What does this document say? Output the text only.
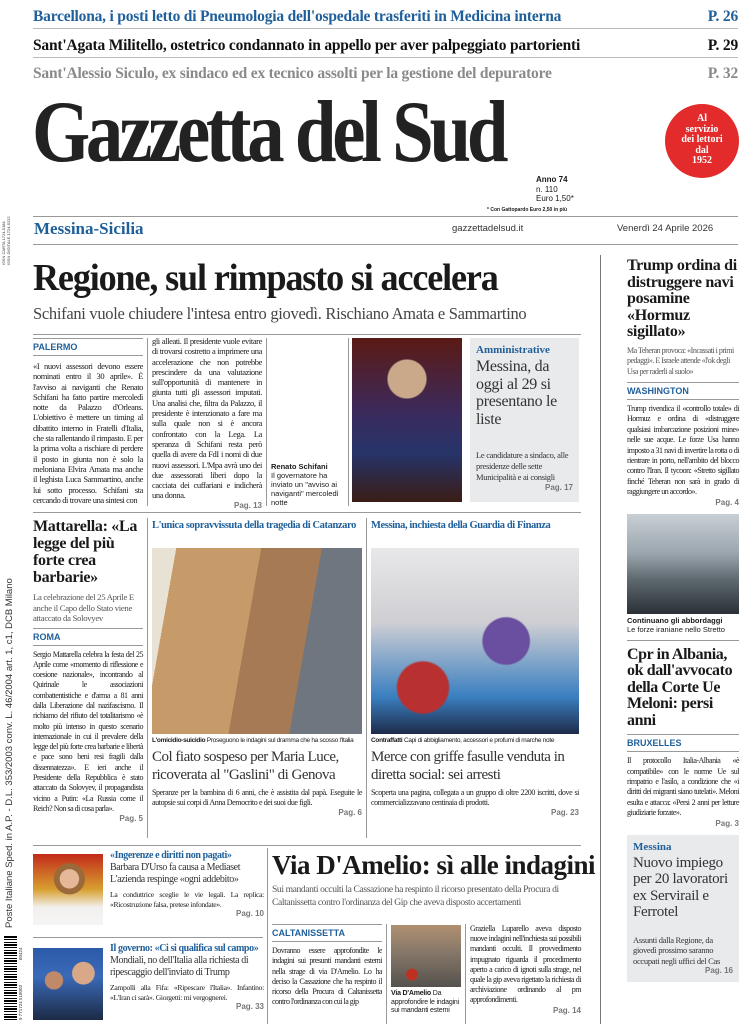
Barcellona, i posti letto di Pneumologia dell'ospedale trasferiti in Medicina interna	P. 26
Sant'Agata Militello, ostetrico condannato in appello per aver palpeggiato partorienti	P. 29
Sant'Alessio Siculo, ex sindaco ed ex tecnico assolti per la gestione del depuratore	P. 32
Gazzetta del Sud	Al
servizio
dei lettori
dal
1952
Anno 74
n. 110
Euro 1,50*
* Con Gattopardo Euro 2,50 in più
Messina-Sicilia	gazzettadelsud.it	Venerdì 24 Aprile 2026
ISSN CARTA 1724-5184 ISSN DIGITALE 1724-5222
Poste Italiane Sped. in A.P. - D.L. 353/2003 conv. L. 46/2004 art. 1, c1, DCB Milano
9 771724 518003
60424
Regione, sul rimpasto si accelera
Schifani vuole chiudere l'intesa entro giovedì. Rischiano Amata e Sammartino
PALERMO
«I nuovi assessori devono essere nominati entro il 30 aprile». È l'avviso ai naviganti che Renato Schifani ha fatto partire mercoledì notte da Palazzo d'Orleans. L'obiettivo è mettere un timing al dibattito interno in Fratelli d'Italia, che sta rallentando il rimpasto. E per la prima volta a rischiare di perdere il posto in giunta non è solo la meloniana Elvira Amata ma anche il leghista Luca Sammartino, anche lui sotto processo. Schifani sta cercando di trovare una sintesi con
gli alleati. Il presidente vuole evitare di trovarsi costretto a imprimere una accelerazione che non potrebbe prescindere da una valutazione sull'opportunità di mantenere in giunta tutti gli assessori imputati. Una analisi che, filtra da Palazzo, il presidente è intenzionato a fare ma sulla quale non si è ancora confrontato con la Lega. La speranza di Schifani resta però quella di avere da FdI i nomi di due nuovi assessori. L'Mpa avrà uno dei due assessorati liberi dopo la cacciata dei cuffariani e indicherà una donna.
Pag. 13
Renato Schifani
Il governatore ha inviato un "avviso ai naviganti" mercoledì notte
Amministrative
Messina, da oggi al 29 si presentano le liste
Le candidature a sindaco, alle presidenze delle sette Municipalità e ai consigli
Pag. 17
Trump ordina di distruggere navi posamine «Hormuz sigillato»
Ma Teheran provoca: «Incassati i primi pedaggi». E Israele attende «l'ok degli Usa per raderli al suolo»
WASHINGTON
Trump rivendica il «controllo totale» di Hormuz e ordina di «distruggere qualsiasi imbarcazione posizioni mine» nelle sue acque. Le forze Usa hanno imposto a 31 navi di invertire la rotta o di rientrare in porto, nell'ambito del blocco contro l'Iran. Il tycoon: «Stretto sigillato finché Teheran non sarà in grado di raggiungere un accordo».
Pag. 4
Continuano gli abbordaggi
Le forze iraniane nello Stretto
Cpr in Albania, ok dall'avvocato della Corte Ue Meloni: persi anni
BRUXELLES
Il protocollo Italia-Albania «è compatibile» con le norme Ue sul rimpatrio e l'asilo, a condizione che «i diritti dei migranti siano tutelati». Meloni esulta e attacca: «Persi 2 anni per letture giudiziarie forzate».
Pag. 3
Messina
Nuovo impiego per 20 lavoratori ex Servirail e Ferrotel
Assunti dalla Regione, da giovedì prossimo saranno occupati negli uffici del Cas
Pag. 16
Mattarella: «La legge del più forte crea barbarie»
La celebrazione del 25 Aprile E anche il Capo dello Stato viene attaccato da Solovyev
ROMA
Sergio Mattarella celebra la festa del 25 Aprile come «momento di riflessione e coesione nazionale», incontrando al Quirinale le associazioni combattentistiche e d'arma a 81 anni dalla Liberazione dal nazifascismo. Il richiamo del rifiuto del totalitarismo «è molto più intenso in questo scenario internazionale in cui il prevalere della legge del più forte crea barbarie e libertà e pace sono beni resi fragili dalla dissennatezza». E ieri anche il Presidente della Repubblica è stato attaccato da Solovyev, il propagandista vicino a Putin: «La Russia come il Reich? Non sa di cosa parla».
Pag. 5
L'unica sopravvissuta della tragedia di Catanzaro
L'omicidio-suicidio Proseguono le indagini sul dramma che ha scosso l'Italia
Col fiato sospeso per Maria Luce, ricoverata al "Gaslini" di Genova
Speranze per la bambina di 6 anni, che è assistita dal papà. Eseguite le autopsie sui corpi di Anna Democrito e dei suoi due figli.
Pag. 6
Messina, inchiesta della Guardia di Finanza
Contraffatti Capi di abbigliamento, accessori e profumi di marche note
Merce con griffe fasulle venduta in diretta social: sei arresti
Scoperta una pagina, collegata a un gruppo di oltre 2200 iscritti, dove si commercializzavano centinaia di prodotti.
Pag. 23
«Ingerenze e diritti non pagati»
Barbara D'Urso fa causa a Mediaset L'azienda respinge «ogni addebito»
La conduttrice sceglie le vie legali. La replica: «Ricostruzione falsa, pretese infondate».
Pag. 10
Il governo: «Ci si qualifica sul campo»
Mondiali, no dell'Italia alla richiesta di ripescaggio dell'inviato di Trump
Zampolli alla Fifa: «Ripescare l'Italia». Infantino: «L'Iran ci sarà». Giorgetti: mi vergognerei.
Pag. 33
Via D'Amelio: sì alle indagini
Sui mandanti occulti la Cassazione ha respinto il ricorso presentato della Procura di Caltanissetta contro l'ordinanza del Gip che aveva disposto accertamenti
CALTANISSETTA
Dovranno essere approfondite le indagini sui presunti mandanti esterni nella strage di via D'Amelio. Lo ha deciso la Cassazione che ha respinto il ricorso della Procura di Caltanissetta contro l'ordinanza con cui la gip
Via D'Amelio Da approfondire le indagini sui mandanti esterni
Graziella Luparello aveva disposto nuove indagini nell'inchiesta sui possibili mandanti occulti. Il provvedimento impugnato riguarda il procedimento aperto a carico di ignoti sulla strage, nel quale la gip aveva rigettato la richiesta di archiviazione ordinando al pm approfondimenti.
Pag. 14
